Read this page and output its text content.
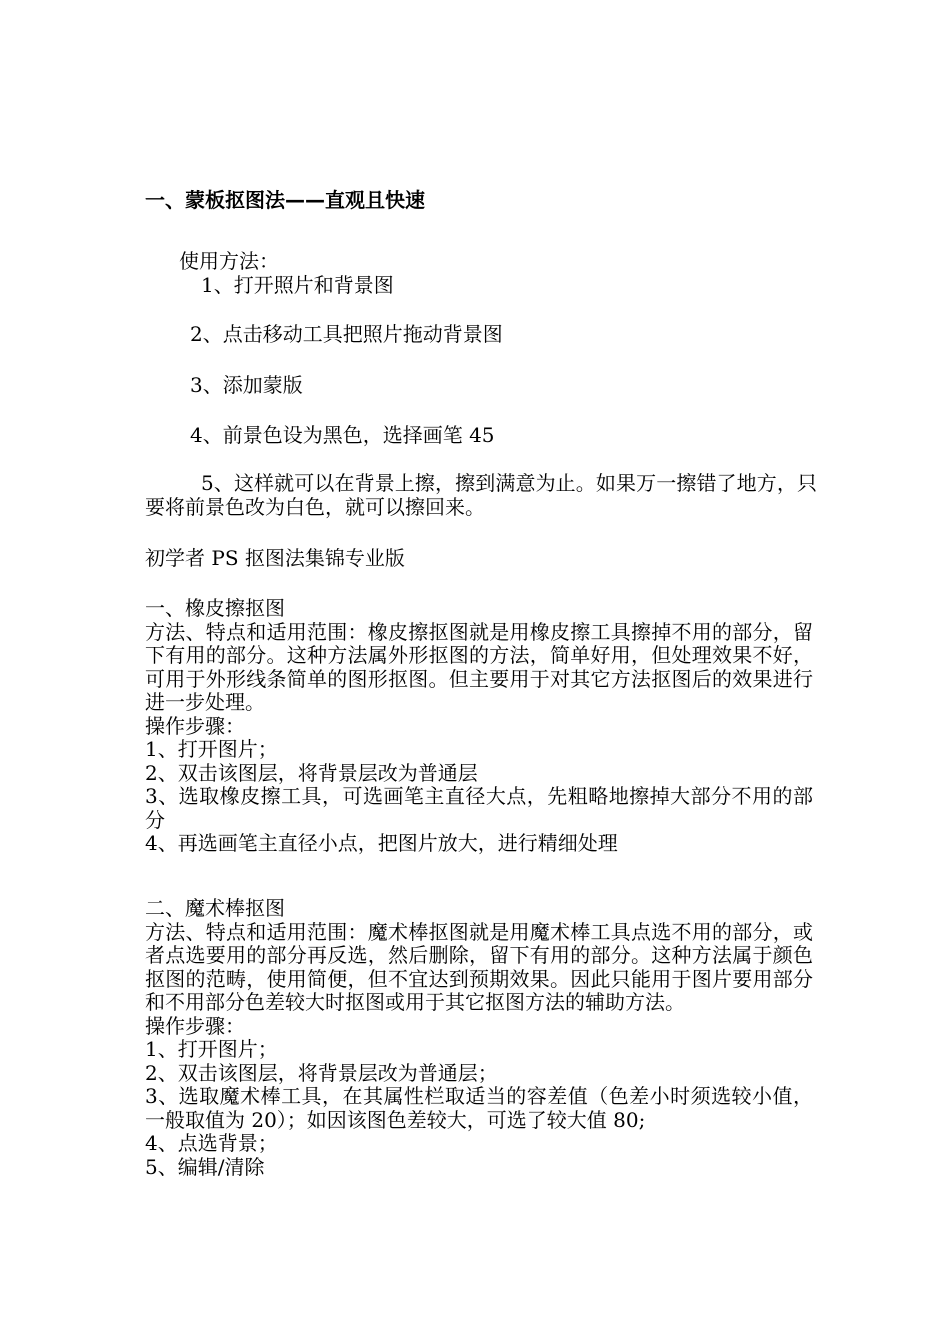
一、蒙板抠图法——直观且快速
使用方法：
1、打开照片和背景图
2、点击移动工具把照片拖动背景图
3、添加蒙版
4、前景色设为黑色，选择画笔 45
5、这样就可以在背景上擦，擦到满意为止。如果万一擦错了地方，只要将前景色改为白色，就可以擦回来。
初学者 PS 抠图法集锦专业版
一、橡皮擦抠图
方法、特点和适用范围：橡皮擦抠图就是用橡皮擦工具擦掉不用的部分，留下有用的部分。这种方法属外形抠图的方法，简单好用，但处理效果不好，可用于外形线条简单的图形抠图。但主要用于对其它方法抠图后的效果进行进一步处理。
操作步骤：
1、打开图片；
2、双击该图层，将背景层改为普通层
3、选取橡皮擦工具，可选画笔主直径大点，先粗略地擦掉大部分不用的部分
4、再选画笔主直径小点，把图片放大，进行精细处理
二、魔术棒抠图
方法、特点和适用范围：魔术棒抠图就是用魔术棒工具点选不用的部分，或者点选要用的部分再反选，然后删除，留下有用的部分。这种方法属于颜色抠图的范畴，使用简便，但不宜达到预期效果。因此只能用于图片要用部分和不用部分色差较大时抠图或用于其它抠图方法的辅助方法。
操作步骤：
1、打开图片；
2、双击该图层，将背景层改为普通层；
3、选取魔术棒工具，在其属性栏取适当的容差值（色差小时须选较小值，一般取值为 20）；如因该图色差较大，可选了较大值 80;
4、点选背景；
5、编辑/清除
